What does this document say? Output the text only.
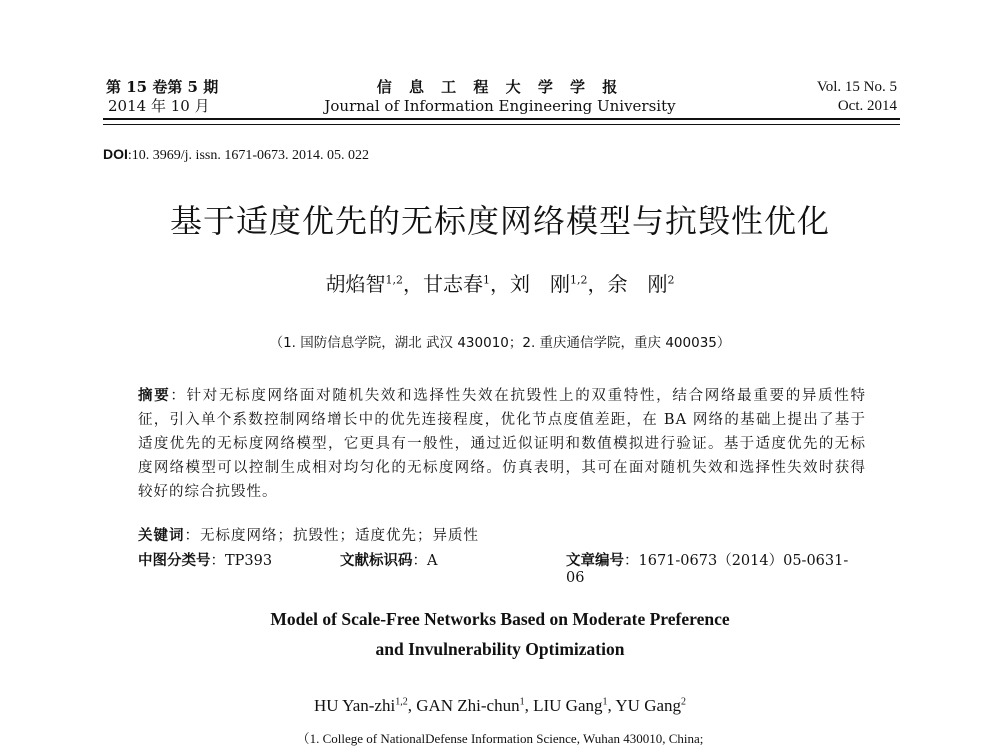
第 15 卷第 5 期
2014 年 10 月
信 息 工 程 大 学 学 报
Journal of Information Engineering University
Vol. 15 No. 5
Oct. 2014
DOI:10. 3969/j. issn. 1671-0673. 2014. 05. 022
基于适度优先的无标度网络模型与抗毁性优化
胡焰智$^{1,2}$，甘志春$^1$，刘　刚$^{1,2}$，余　刚$^2$
（1. 国防信息学院，湖北 武汉 430010；2. 重庆通信学院，重庆 400035）
摘要：针对无标度网络面对随机失效和选择性失效在抗毁性上的双重特性，结合网络最重要的异质性特征，引入单个系数控制网络增长中的优先连接程度，优化节点度值差距，在 BA 网络的基础上提出了基于适度优先的无标度网络模型，它更具有一般性，通过近似证明和数值模拟进行验证。基于适度优先的无标度网络模型可以控制生成相对均匀化的无标度网络。仿真表明，其可在面对随机失效和选择性失效时获得较好的综合抗毁性。
关键词：无标度网络；抗毁性；适度优先；异质性
中图分类号：TP393	文献标识码：A	文章编号：1671-0673（2014）05-0631-06
Model of Scale-Free Networks Based on Moderate Preference
and Invulnerability Optimization
HU Yan-zhi$^{1,2}$, GAN Zhi-chun$^1$, LIU Gang$^1$, YU Gang$^2$
（1. College of NationalDefense Information Science, Wuhan 430010, China;
